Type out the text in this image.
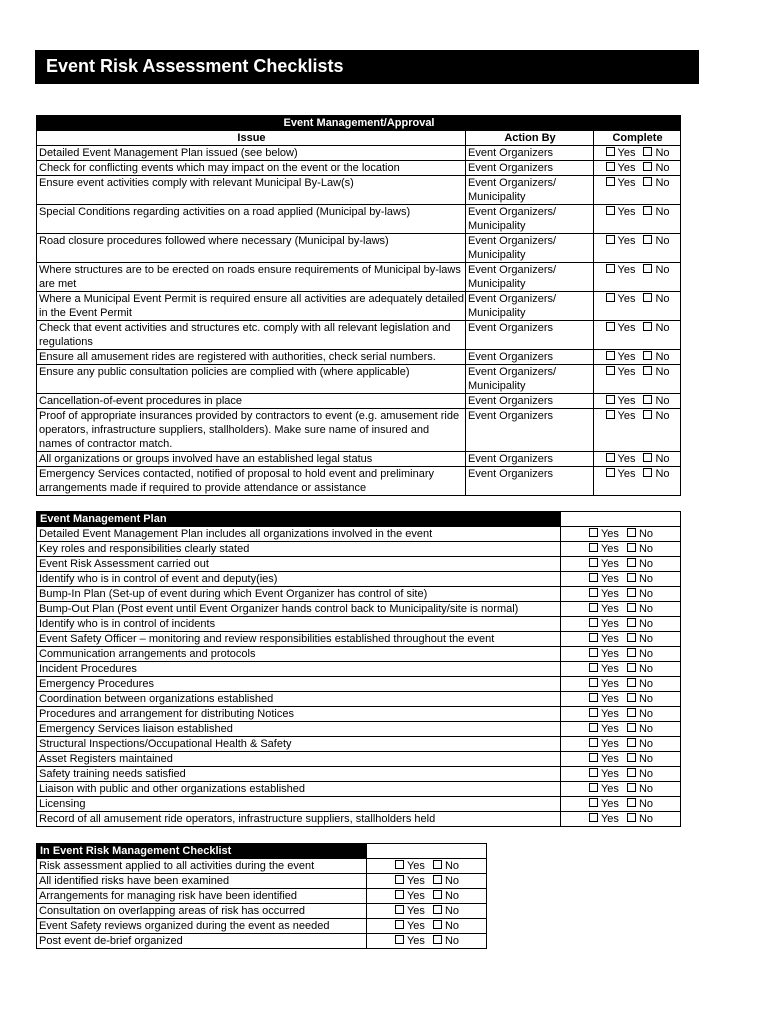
Event Risk Assessment Checklists
Event Management/Approval		
Issue	Action By	Complete
Detailed Event Management Plan issued (see below)	Event Organizers	Yes No
Check for conflicting events which may impact on the event or the location	Event Organizers	Yes No
Ensure event activities comply with relevant Municipal By-Law(s)	Event Organizers/ Municipality	Yes No
Special Conditions regarding activities on a road applied (Municipal by-laws)	Event Organizers/ Municipality	Yes No
Road closure procedures followed where necessary (Municipal by-laws)	Event Organizers/ Municipality	Yes No
Where structures are to be erected on roads ensure requirements of Municipal by-laws are met	Event Organizers/ Municipality	Yes No
Where a Municipal Event Permit is required ensure all activities are adequately detailed in the Event Permit	Event Organizers/ Municipality	Yes No
Check that event activities and structures etc. comply with all relevant legislation and regulations	Event Organizers	Yes No
Ensure all amusement rides are registered with authorities, check serial numbers.	Event Organizers	Yes No
Ensure any public consultation policies are complied with (where applicable)	Event Organizers/ Municipality	Yes No
Cancellation-of-event procedures in place	Event Organizers	Yes No
Proof of appropriate insurances provided by contractors to event (e.g. amusement ride operators, infrastructure suppliers, stallholders). Make sure name of insured and names of contractor match.	Event Organizers	Yes No
All organizations or groups involved have an established legal status	Event Organizers	Yes No
Emergency Services contacted, notified of proposal to hold event and preliminary arrangements made if required to provide attendance or assistance	Event Organizers	Yes No
Event Management Plan	
Detailed Event Management Plan includes all organizations involved in the event	Yes No
Key roles and responsibilities clearly stated	Yes No
Event Risk Assessment carried out	Yes No
Identify who is in control of event and deputy(ies)	Yes No
Bump-In Plan (Set-up of event during which Event Organizer has control of site)	Yes No
Bump-Out Plan (Post event until Event Organizer hands control back to Municipality/site is normal)	Yes No
Identify who is in control of incidents	Yes No
Event Safety Officer – monitoring and review responsibilities established throughout the event	Yes No
Communication arrangements and protocols	Yes No
Incident Procedures	Yes No
Emergency Procedures	Yes No
Coordination between organizations established	Yes No
Procedures and arrangement for distributing Notices	Yes No
Emergency Services liaison established	Yes No
Structural Inspections/Occupational Health & Safety	Yes No
Asset Registers maintained	Yes No
Safety training needs satisfied	Yes No
Liaison with public and other organizations established	Yes No
Licensing	Yes No
Record of all amusement ride operators, infrastructure suppliers, stallholders held	Yes No
In Event Risk Management Checklist	
Risk assessment applied to all activities during the event	Yes No
All identified risks have been examined	Yes No
Arrangements for managing risk have been identified	Yes No
Consultation on overlapping areas of risk has occurred	Yes No
Event Safety reviews organized during the event as needed	Yes No
Post event de-brief organized	Yes No
